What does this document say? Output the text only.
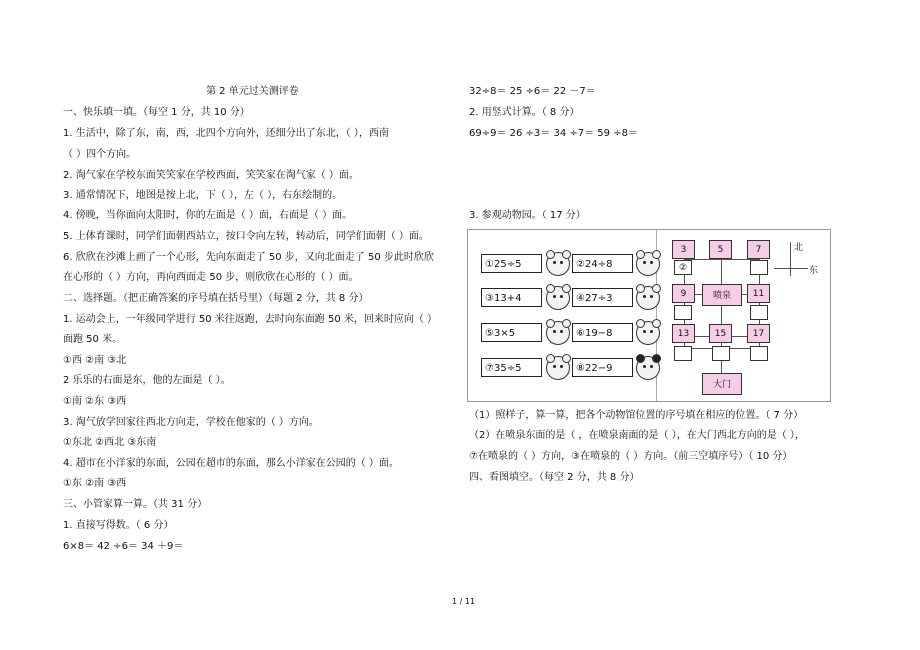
第 2 单元过关测评卷
一、快乐填一填。（每空 1 分，共 10 分）
1. 生活中，除了东，南，西，北四个方向外，还细分出了东北，（ ），西南
（ ）四个方向。
2. 淘气家在学校东面笑笑家在学校西面，笑笑家在淘气家（ ）面。
3. 通常情况下，地图是按上北，下（ ），左（ ），右东绘制的。
4. 傍晚，当你面向太阳时，你的左面是（ ）面，右面是（ ）面。
5. 上体育课时，同学们面朝西站立，按口令向左转，转动后，同学们面朝（ ）面。
6. 欣欣在沙滩上画了一个心形，先向东面走了 50 步，又向北面走了 50 步此时欣欣
在心形的（ ）方向，再向西面走 50 步，则欣欣在心形的（ ）面。
二、选择题。（把正确答案的序号填在括号里）（每题 2 分，共 8 分）
1. 运动会上，一年级同学进行 50 米往返跑，去时向东面跑 50 米，回来时应向（ ）
面跑 50 米。
①西 ②南 ③北
2 乐乐的右面是东，他的左面是（ ）。
①南 ②东 ③西
3. 淘气放学回家往西北方向走，学校在他家的（ ）方向。
①东北 ②西北 ③东南
4. 超市在小洋家的东面，公园在超市的东面，那么小洋家在公园的（ ）面。
①东 ②南 ③西
三、小管家算一算。（共 31 分）
1. 直接写得数。（ 6 分）
6×8＝ 42 ÷6＝ 34 ＋9＝
32÷8＝ 25 ÷6＝ 22 －7＝
2. 用竖式计算。（ 8 分）
69÷9＝ 26 ÷3＝ 34 ÷7＝ 59 ÷8＝
3. 参观动物园。（ 17 分）
①25÷5
③13+4
⑤3×5
⑦35÷5
②24÷8
④27÷3
⑥19−8
⑧22−9
3	5	7
②
9	喷泉	11
13	15	17
大门
北
东
（1）照样子，算一算，把各个动物馆位置的序号填在相应的位置。（ 7 分）
（2）在喷泉东面的是（ ，在喷泉南面的是（ ），在大门西北方向的是（ ），
⑦在喷泉的（ ）方向，③在喷泉的（ ）方向。（前三空填序号）（ 10 分）
四、看图填空。（每空 2 分，共 8 分）
1 / 11
